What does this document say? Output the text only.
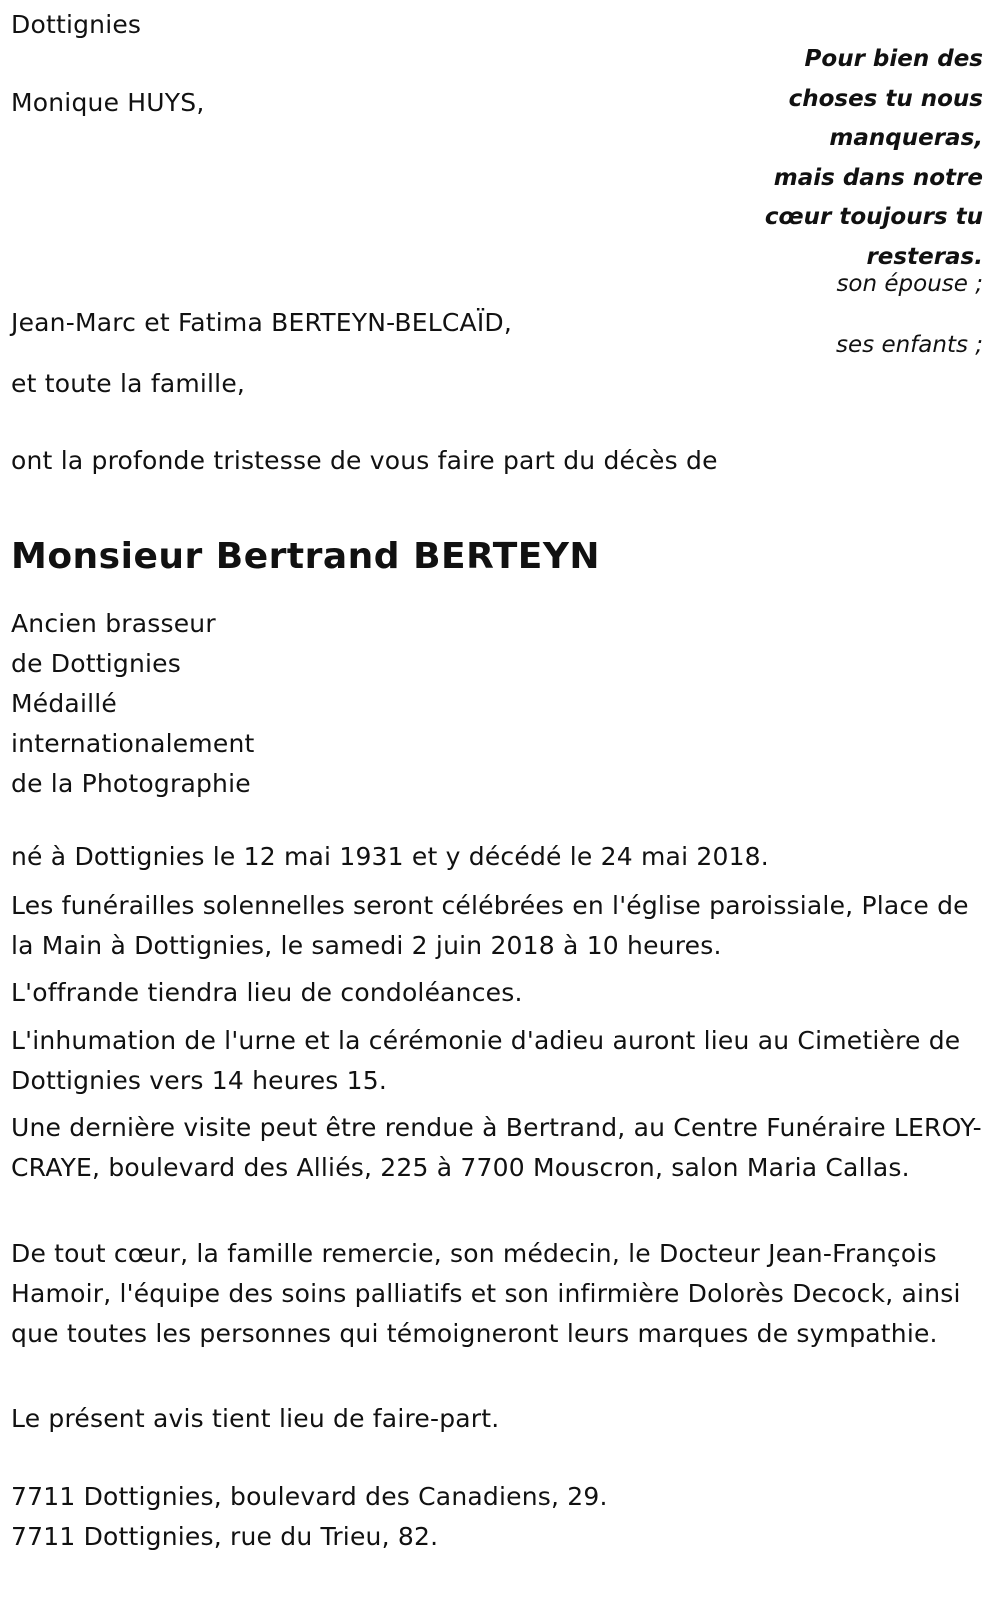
Dottignies
Pour bien des
choses tu nous
manqueras,
mais dans notre
cœur toujours tu
resteras.
Monique HUYS,
son épouse ;
Jean-Marc et Fatima BERTEYN-BELCAÏD,
ses enfants ;
et toute la famille,
ont la profonde tristesse de vous faire part du décès de
Monsieur Bertrand BERTEYN
Ancien brasseur
de Dottignies
Médaillé
internationalement
de la Photographie
né à Dottignies le 12 mai 1931 et y décédé le 24 mai 2018.
Les funérailles solennelles seront célébrées en l'église paroissiale, Place de la Main à Dottignies, le samedi 2 juin 2018 à 10 heures.
L'offrande tiendra lieu de condoléances.
L'inhumation de l'urne et la cérémonie d'adieu auront lieu au Cimetière de Dottignies vers 14 heures 15.
Une dernière visite peut être rendue à Bertrand, au Centre Funéraire LEROY-CRAYE, boulevard des Alliés, 225 à 7700 Mouscron, salon Maria Callas.
De tout cœur, la famille remercie, son médecin, le Docteur Jean-François Hamoir, l'équipe des soins palliatifs et son infirmière Dolorès Decock, ainsi que toutes les personnes qui témoigneront leurs marques de sympathie.
Le présent avis tient lieu de faire-part.
7711 Dottignies, boulevard des Canadiens, 29.
7711 Dottignies, rue du Trieu, 82.
